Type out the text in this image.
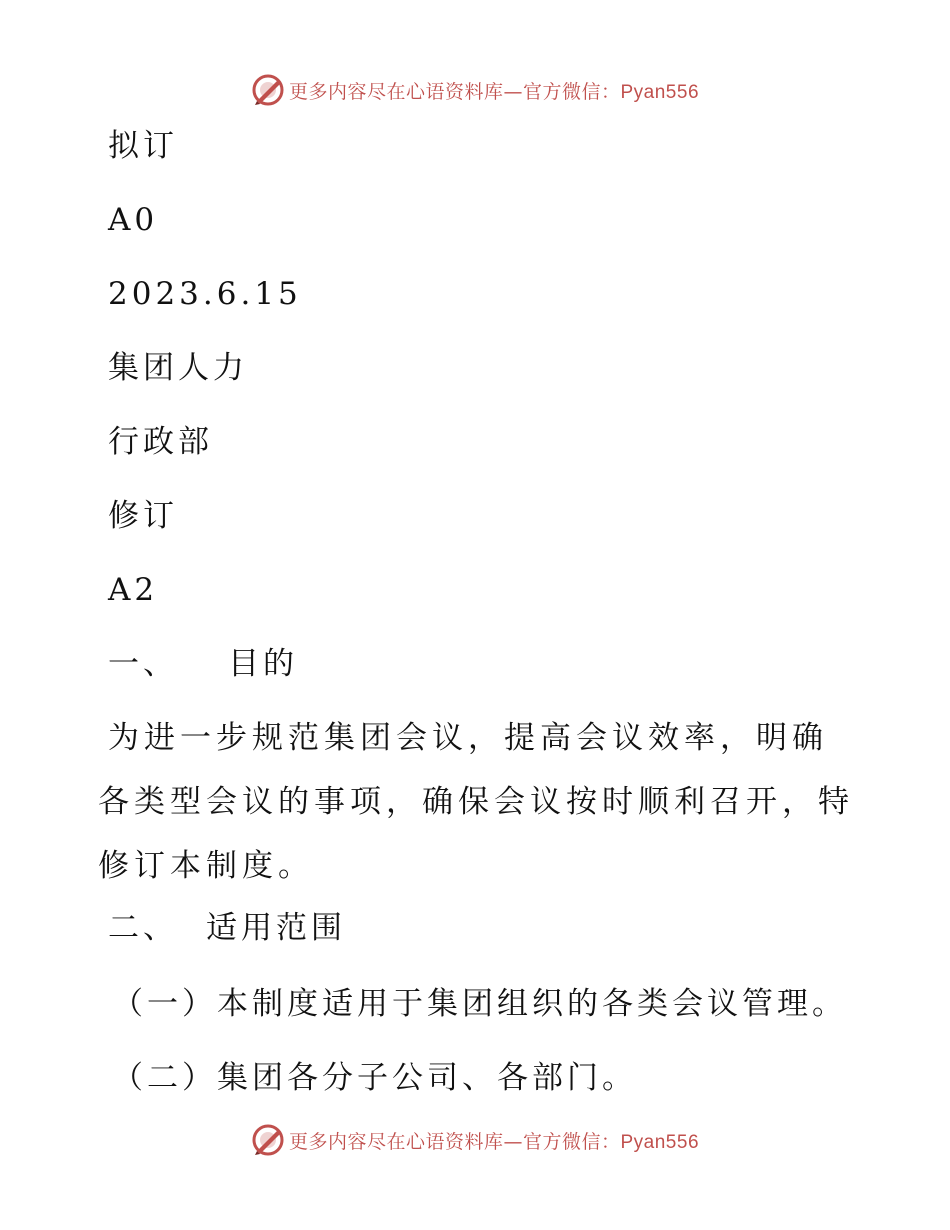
更多内容尽在心语资料库—官方微信：Pyan556
拟订
A0
2023.6.15
集团人力
行政部
修订
A2
一、 目的
为进一步规范集团会议，提高会议效率，明确各类型会议的事项，确保会议按时顺利召开，特修订本制度。
二、 适用范围
（一）本制度适用于集团组织的各类会议管理。
（二）集团各分子公司、各部门。
更多内容尽在心语资料库—官方微信：Pyan556
